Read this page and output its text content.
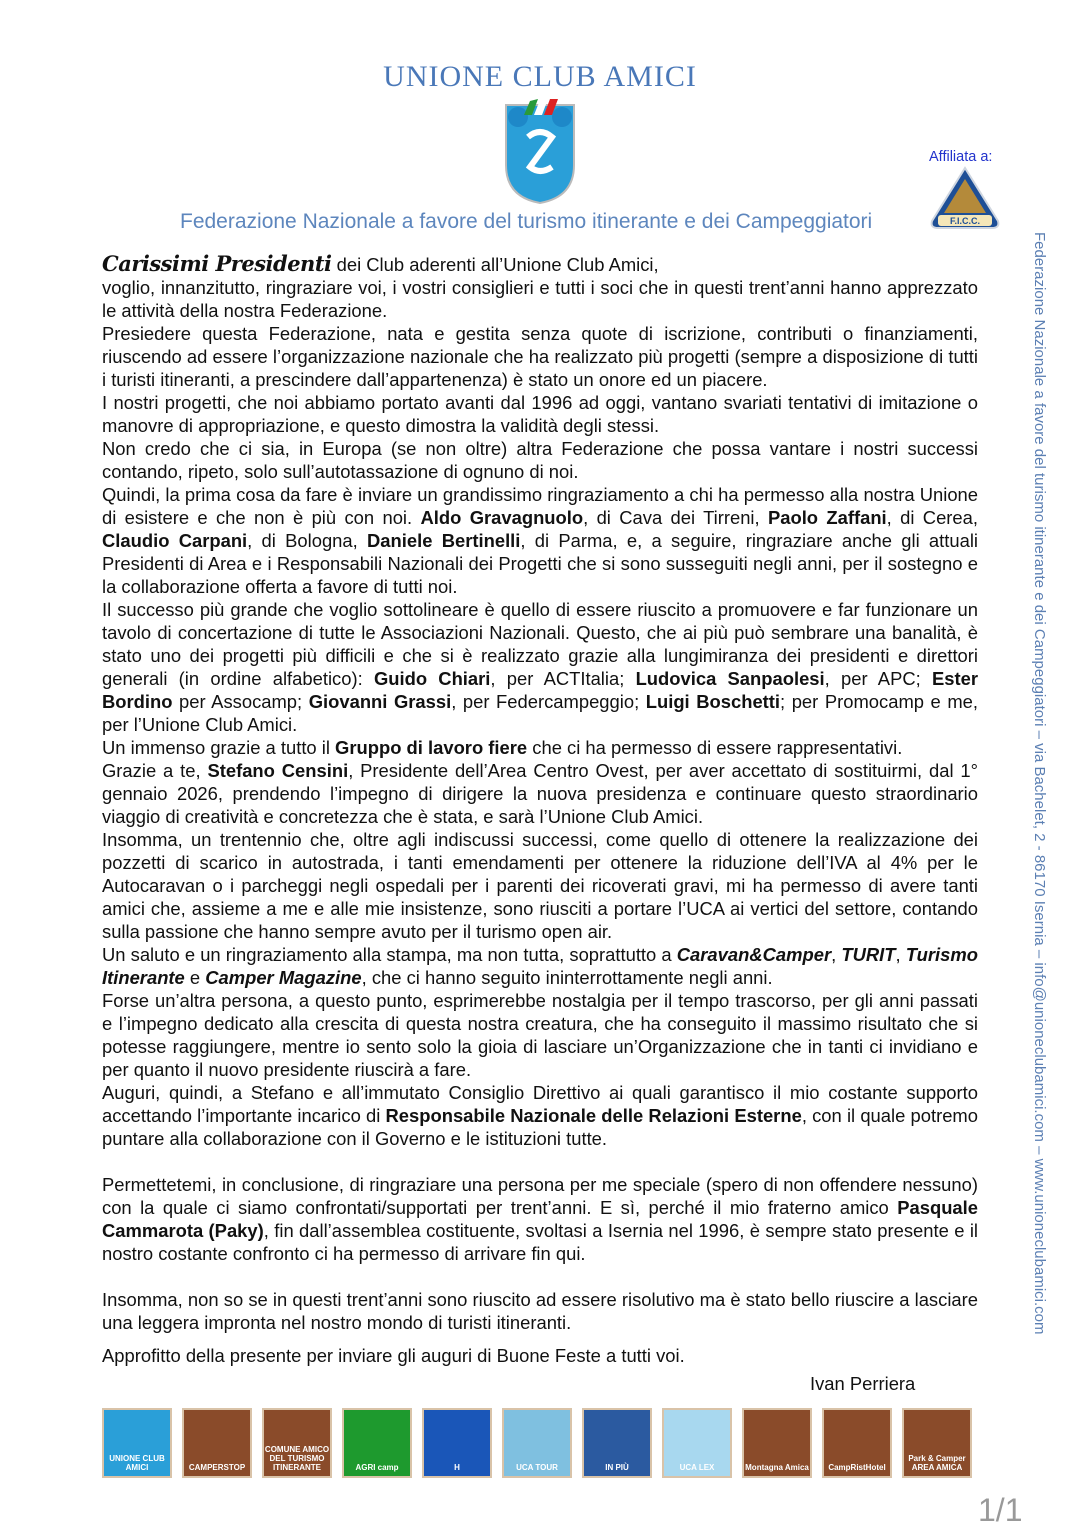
UNIONE CLUB AMICI
Affiliata a:
F.I.C.C.
Federazione Nazionale a favore del turismo itinerante e dei Campeggiatori

Carissimi Presidenti dei Club aderenti all’Unione Club Amici,

voglio, innanzitutto, ringraziare voi, i vostri consiglieri e tutti i soci che in questi trent’anni hanno apprezzato le attività della nostra Federazione.

Presiedere questa Federazione, nata e gestita senza quote di iscrizione, contributi o finanziamenti, riuscendo ad essere l’organizzazione nazionale che ha realizzato più progetti (sempre a disposizione di tutti i turisti itineranti, a prescindere dall’appartenenza) è stato un onore ed un piacere.

I nostri progetti, che noi abbiamo portato avanti dal 1996 ad oggi, vantano svariati tentativi di imitazione o manovre di appropriazione, e questo dimostra la validità degli stessi.

Non credo che ci sia, in Europa (se non oltre) altra Federazione che possa vantare i nostri successi contando, ripeto, solo sull’autotassazione di ognuno di noi.

Quindi, la prima cosa da fare è inviare un grandissimo ringraziamento a chi ha permesso alla nostra Unione di esistere e che non è più con noi. Aldo Gravagnuolo, di Cava dei Tirreni, Paolo Zaffani, di Cerea, Claudio Carpani, di Bologna, Daniele Bertinelli, di Parma, e, a seguire, ringraziare anche gli attuali Presidenti di Area e i Responsabili Nazionali dei Progetti che si sono susseguiti negli anni, per il sostegno e la collaborazione offerta a favore di tutti noi.

Il successo più grande che voglio sottolineare è quello di essere riuscito a promuovere e far funzionare un tavolo di concertazione di tutte le Associazioni Nazionali. Questo, che ai più può sembrare una banalità, è stato uno dei progetti più difficili e che si è realizzato grazie alla lungimiranza dei presidenti e direttori generali (in ordine alfabetico): Guido Chiari, per ACTItalia; Ludovica Sanpaolesi, per APC; Ester Bordino per Assocamp; Giovanni Grassi, per Federcampeggio; Luigi Boschetti; per Promocamp e me, per l’Unione Club Amici.

Un immenso grazie a tutto il Gruppo di lavoro fiere che ci ha permesso di essere rappresentativi.

Grazie a te, Stefano Censini, Presidente dell’Area Centro Ovest, per aver accettato di sostituirmi, dal 1° gennaio 2026, prendendo l’impegno di dirigere la nuova presidenza e continuare questo straordinario viaggio di creatività e concretezza che è stata, e sarà l’Unione Club Amici.

Insomma, un trentennio che, oltre agli indiscussi successi, come quello di ottenere la realizzazione dei pozzetti di scarico in autostrada, i tanti emendamenti per ottenere la riduzione dell’IVA al 4% per le Autocaravan o i parcheggi negli ospedali per i parenti dei ricoverati gravi, mi ha permesso di avere tanti amici che, assieme a me e alle mie insistenze, sono riusciti a portare l’UCA ai vertici del settore, contando sulla passione che hanno sempre avuto per il turismo open air.

Un saluto e un ringraziamento alla stampa, ma non tutta, soprattutto a Caravan&Camper, TURIT, Turismo Itinerante e Camper Magazine, che ci hanno seguito ininterrottamente negli anni.

Forse un’altra persona, a questo punto, esprimerebbe nostalgia per il tempo trascorso, per gli anni passati e l’impegno dedicato alla crescita di questa nostra creatura, che ha conseguito il massimo risultato che si potesse raggiungere, mentre io sento solo la gioia di lasciare un’Organizzazione che in tanti ci invidiano e per quanto il nuovo presidente riuscirà a fare.

Auguri, quindi, a Stefano e all’immutato Consiglio Direttivo ai quali garantisco il mio costante supporto accettando l’importante incarico di Responsabile Nazionale delle Relazioni Esterne, con il quale potremo puntare alla collaborazione con il Governo e le istituzioni tutte.

Permettetemi, in conclusione, di ringraziare una persona per me speciale (spero di non offendere nessuno) con la quale ci siamo confrontati/supportati per trent’anni. E sì, perché il mio fraterno amico Pasquale Cammarota (Paky), fin dall’assemblea costituente, svoltasi a Isernia nel 1996, è sempre stato presente e il nostro costante confronto ci ha permesso di arrivare fin qui.

Insomma, non so se in questi trent’anni sono riuscito ad essere risolutivo ma è stato bello riuscire a lasciare una leggera impronta nel nostro mondo di turisti itineranti.

Approfitto della presente per inviare gli auguri di Buone Feste a tutti voi.

Ivan Perriera
Federazione Nazionale a favore del turismo itinerante e dei Campeggiatori – via Bachelet, 2 - 86170 Isernia – info@unioneclubamici.com – www.unioneclubamici.com
UNIONE CLUB AMICI	CAMPERSTOP
COMUNE AMICO DEL TURISMO ITINERANTE	AGRI camp	H	UCA TOUR	IN PIÙ	UCA LEX	Montagna Amica CampRistHotel
Park & Camper AREA AMICA
1/1
